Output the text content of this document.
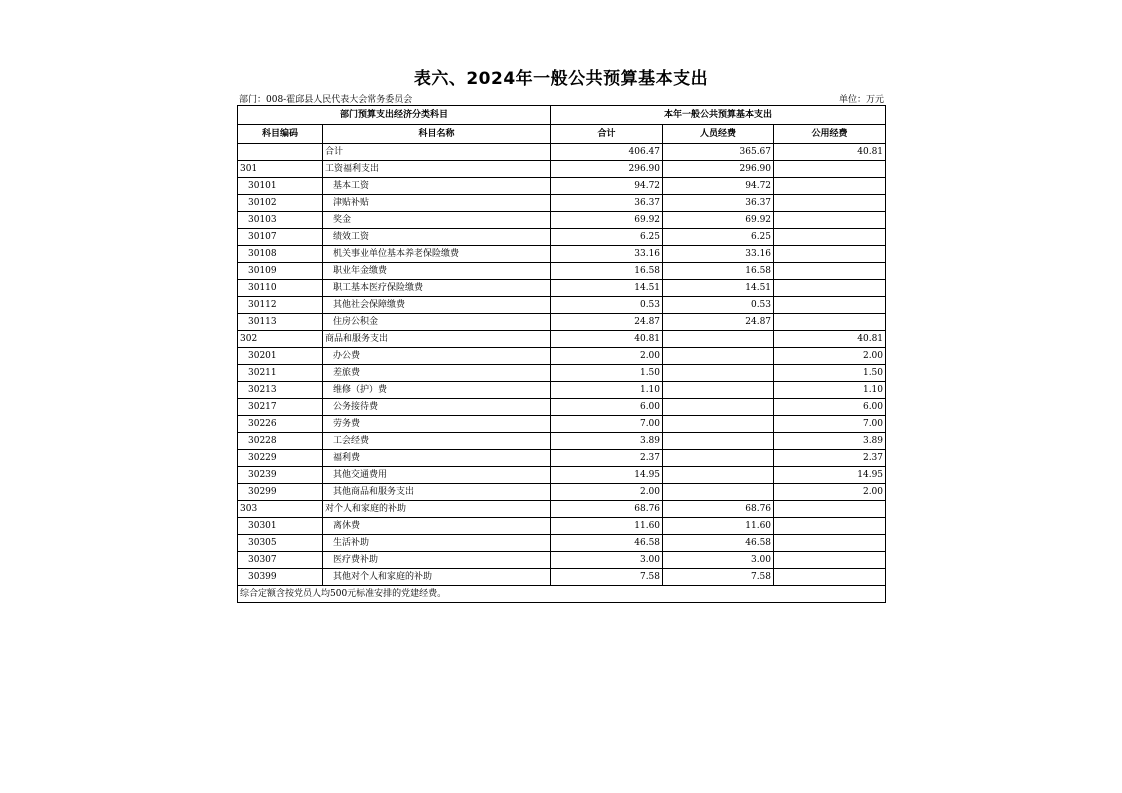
表六、2024年一般公共预算基本支出
部门：008-霍邱县人民代表大会常务委员会	单位：万元
部门预算支出经济分类科目		本年一般公共预算基本支出		
科目编码	科目名称	合计	人员经费	公用经费
	合计	406.47	365.67	40.81
301	工资福利支出	296.90	296.90	
30101	基本工资	94.72	94.72	
30102	津贴补贴	36.37	36.37	
30103	奖金	69.92	69.92	
30107	绩效工资	6.25	6.25	
30108	机关事业单位基本养老保险缴费	33.16	33.16	
30109	职业年金缴费	16.58	16.58	
30110	职工基本医疗保险缴费	14.51	14.51	
30112	其他社会保障缴费	0.53	0.53	
30113	住房公积金	24.87	24.87	
302	商品和服务支出	40.81		40.81
30201	办公费	2.00		2.00
30211	差旅费	1.50		1.50
30213	维修（护）费	1.10		1.10
30217	公务接待费	6.00		6.00
30226	劳务费	7.00		7.00
30228	工会经费	3.89		3.89
30229	福利费	2.37		2.37
30239	其他交通费用	14.95		14.95
30299	其他商品和服务支出	2.00		2.00
303	对个人和家庭的补助	68.76	68.76	
30301	离休费	11.60	11.60	
30305	生活补助	46.58	46.58	
30307	医疗费补助	3.00	3.00	
30399	其他对个人和家庭的补助	7.58	7.58	
综合定额含按党员人均500元标准安排的党建经费。				
